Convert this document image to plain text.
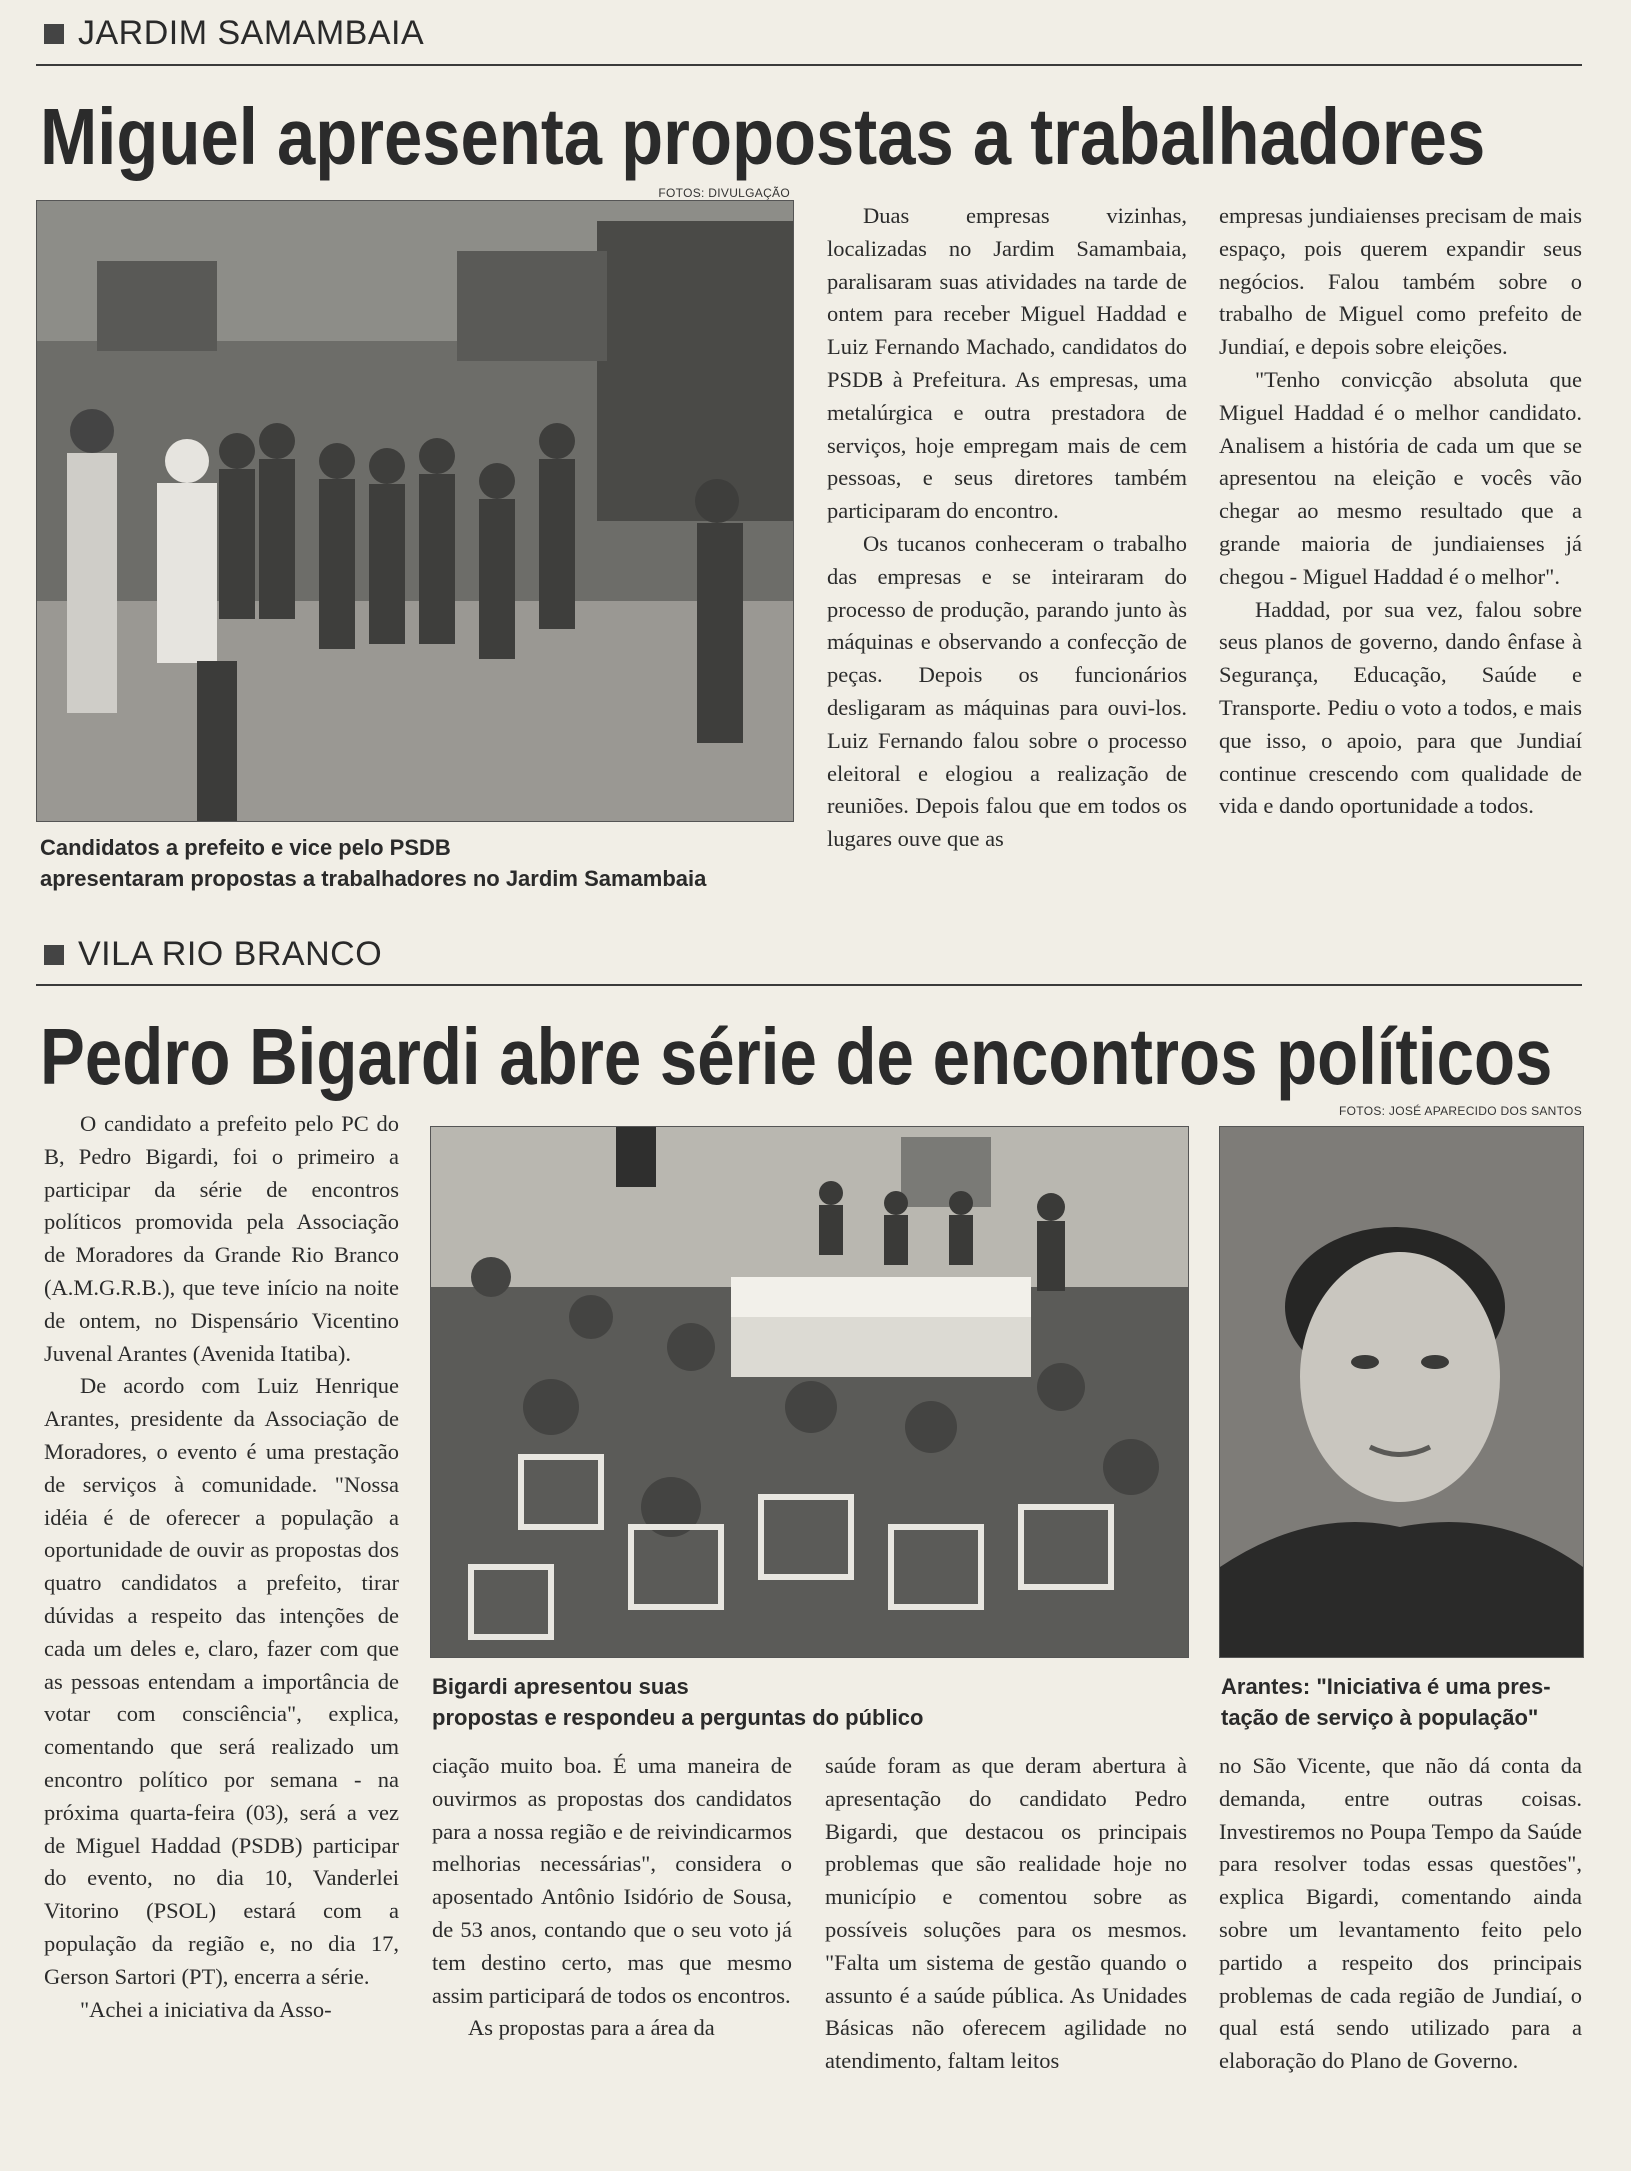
JARDIM SAMAMBAIA
Miguel apresenta propostas a trabalhadores
FOTOS: DIVULGAÇÃO
Candidatos a prefeito e vice pelo PSDB
apresentaram propostas a trabalhadores no Jardim Samambaia

Duas empresas vizinhas, localizadas no Jardim Samambaia, paralisaram suas atividades na tarde de ontem para receber Miguel Haddad e Luiz Fernando Machado, candidatos do PSDB à Prefeitura. As empresas, uma metalúrgica e outra prestadora de serviços, hoje empregam mais de cem pessoas, e seus diretores também participaram do encontro.

Os tucanos conheceram o trabalho das empresas e se inteiraram do processo de produção, parando junto às máquinas e observando a confecção de peças. Depois os funcionários desligaram as máquinas para ouvi-los. Luiz Fernando falou sobre o processo eleitoral e elogiou a realização de reuniões. Depois falou que em todos os lugares ouve que as

empresas jundiaienses precisam de mais espaço, pois querem expandir seus negócios. Falou também sobre o trabalho de Miguel como prefeito de Jundiaí, e depois sobre eleições.

"Tenho convicção absoluta que Miguel Haddad é o melhor candidato. Analisem a história de cada um que se apresentou na eleição e vocês vão chegar ao mesmo resultado que a grande maioria de jundiaienses já chegou - Miguel Haddad é o melhor".

Haddad, por sua vez, falou sobre seus planos de governo, dando ênfase à Segurança, Educação, Saúde e Transporte. Pediu o voto a todos, e mais que isso, o apoio, para que Jundiaí continue crescendo com qualidade de vida e dando oportunidade a todos.

VILA RIO BRANCO
Pedro Bigardi abre série de encontros políticos
FOTOS: JOSÉ APARECIDO DOS SANTOS
Bigardi apresentou suas
propostas e respondeu a perguntas do público
Arantes: "Iniciativa é uma pres-
tação de serviço à população"

O candidato a prefeito pelo PC do B, Pedro Bigardi, foi o primeiro a participar da série de encontros políticos promovida pela Associação de Moradores da Grande Rio Branco (A.M.G.R.B.), que teve início na noite de ontem, no Dispensário Vicentino Juvenal Arantes (Avenida Itatiba).

De acordo com Luiz Henrique Arantes, presidente da Associação de Moradores, o evento é uma prestação de serviços à comunidade. "Nossa idéia é de oferecer a população a oportunidade de ouvir as propostas dos quatro candidatos a prefeito, tirar dúvidas a respeito das intenções de cada um deles e, claro, fazer com que as pessoas entendam a importância de votar com consciência", explica, comentando que será realizado um encontro político por semana - na próxima quarta-feira (03), será a vez de Miguel Haddad (PSDB) participar do evento, no dia 10, Vanderlei Vitorino (PSOL) estará com a população da região e, no dia 17, Gerson Sartori (PT), encerra a série.

"Achei a iniciativa da Asso-

ciação muito boa. É uma maneira de ouvirmos as propostas dos candidatos para a nossa região e de reivindicarmos melhorias necessárias", considera o aposentado Antônio Isidório de Sousa, de 53 anos, contando que o seu voto já tem destino certo, mas que mesmo assim participará de todos os encontros.

As propostas para a área da

saúde foram as que deram abertura à apresentação do candidato Pedro Bigardi, que destacou os principais problemas que são realidade hoje no município e comentou sobre as possíveis soluções para os mesmos. "Falta um sistema de gestão quando o assunto é a saúde pública. As Unidades Básicas não oferecem agilidade no atendimento, faltam leitos

no São Vicente, que não dá conta da demanda, entre outras coisas. Investiremos no Poupa Tempo da Saúde para resolver todas essas questões", explica Bigardi, comentando ainda sobre um levantamento feito pelo partido a respeito dos principais problemas de cada região de Jundiaí, o qual está sendo utilizado para a elaboração do Plano de Governo.
